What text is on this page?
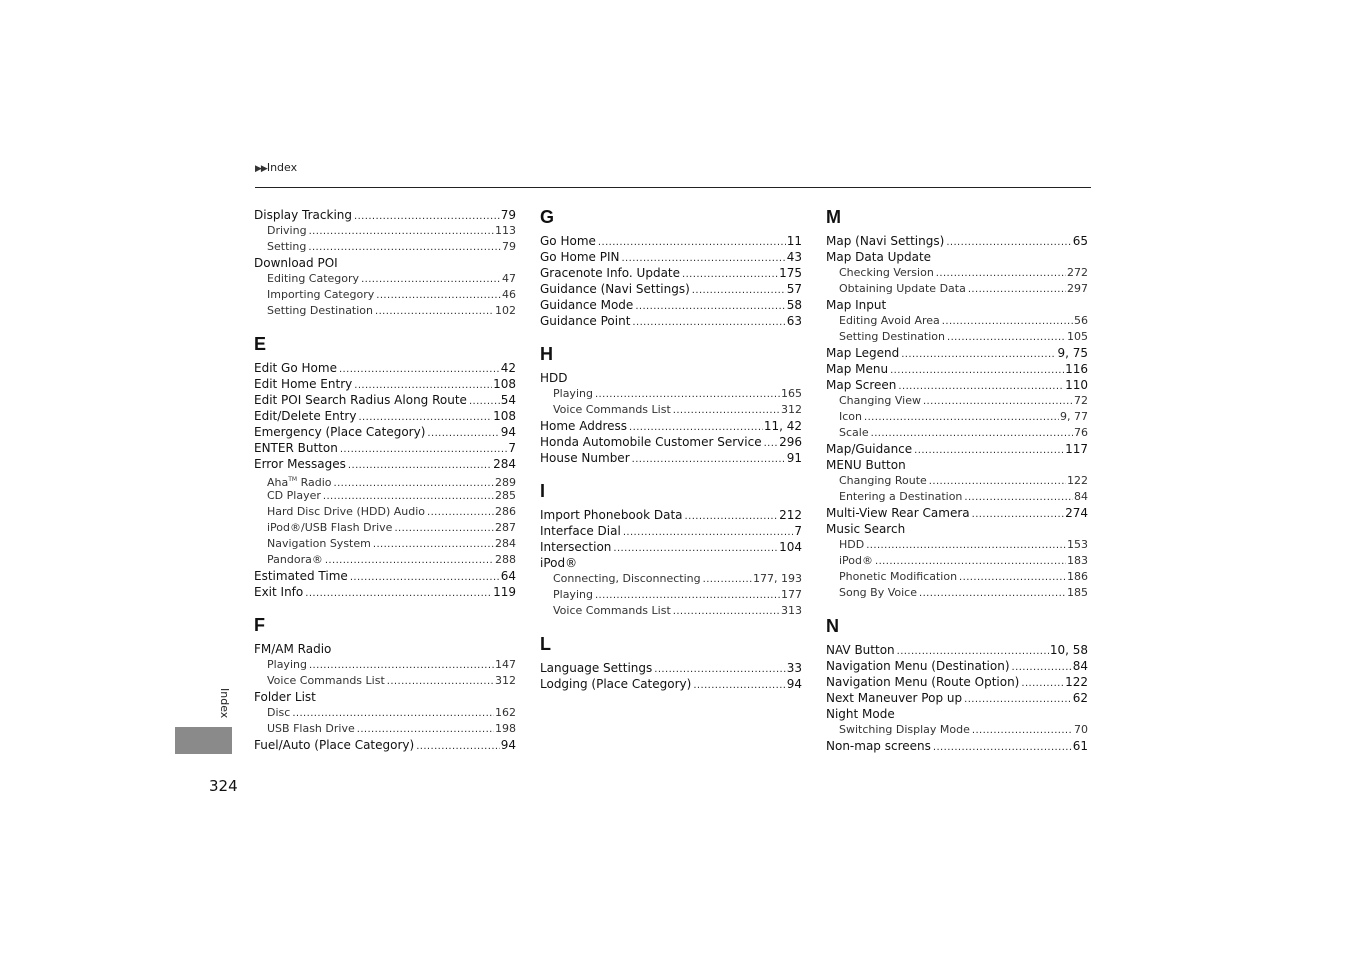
▶▶Index
Display Tracking .....	79
Driving .....	113
Setting .....	79
Download POI
Editing Category .....	47
Importing Category .....	46
Setting Destination .....	102
E
Edit Go Home .....	42
Edit Home Entry .....	108
Edit POI Search Radius Along Route .....	54
Edit/Delete Entry .....	108
Emergency (Place Category) .....	94
ENTER Button .....	7
Error Messages .....	284
Aha™ Radio .....	289
CD Player .....	285
Hard Disc Drive (HDD) Audio .....	286
iPod®/USB Flash Drive .....	287
Navigation System .....	284
Pandora® .....	288
Estimated Time .....	64
Exit Info .....	119
F
FM/AM Radio
Playing .....	147
Voice Commands List .....	312
Folder List
Disc .....	162
USB Flash Drive .....	198
Fuel/Auto (Place Category) .....	94
G
Go Home .....	11
Go Home PIN .....	43
Gracenote Info. Update .....	175
Guidance (Navi Settings) .....	57
Guidance Mode .....	58
Guidance Point .....	63
H
HDD
Playing .....	165
Voice Commands List .....	312
Home Address .....	11, 42
Honda Automobile Customer Service ..... 296
House Number .....	91
I
Import Phonebook Data .....	212
Interface Dial .....	7
Intersection .....	104
iPod®
Connecting, Disconnecting .....	177, 193
Playing .....	177
Voice Commands List .....	313
L
Language Settings .....	33
Lodging (Place Category) .....	94
M
Map (Navi Settings) .....	65
Map Data Update
Checking Version .....	272
Obtaining Update Data .....	297
Map Input
Editing Avoid Area .....	56
Setting Destination .....	105
Map Legend .....	9, 75
Map Menu .....	116
Map Screen .....	110
Changing View .....	72
Icon .....	9, 77
Scale .....	76
Map/Guidance .....	117
MENU Button
Changing Route .....	122
Entering a Destination .....	84
Multi-View Rear Camera .....	274
Music Search
HDD .....	153
iPod® .....	183
Phonetic Modification .....	186
Song By Voice .....	185
N
NAV Button .....	10, 58
Navigation Menu (Destination) .....	84
Navigation Menu (Route Option) .....	122
Next Maneuver Pop up .....	62
Night Mode
Switching Display Mode .....	70
Non-map screens .....	61
Index
324
